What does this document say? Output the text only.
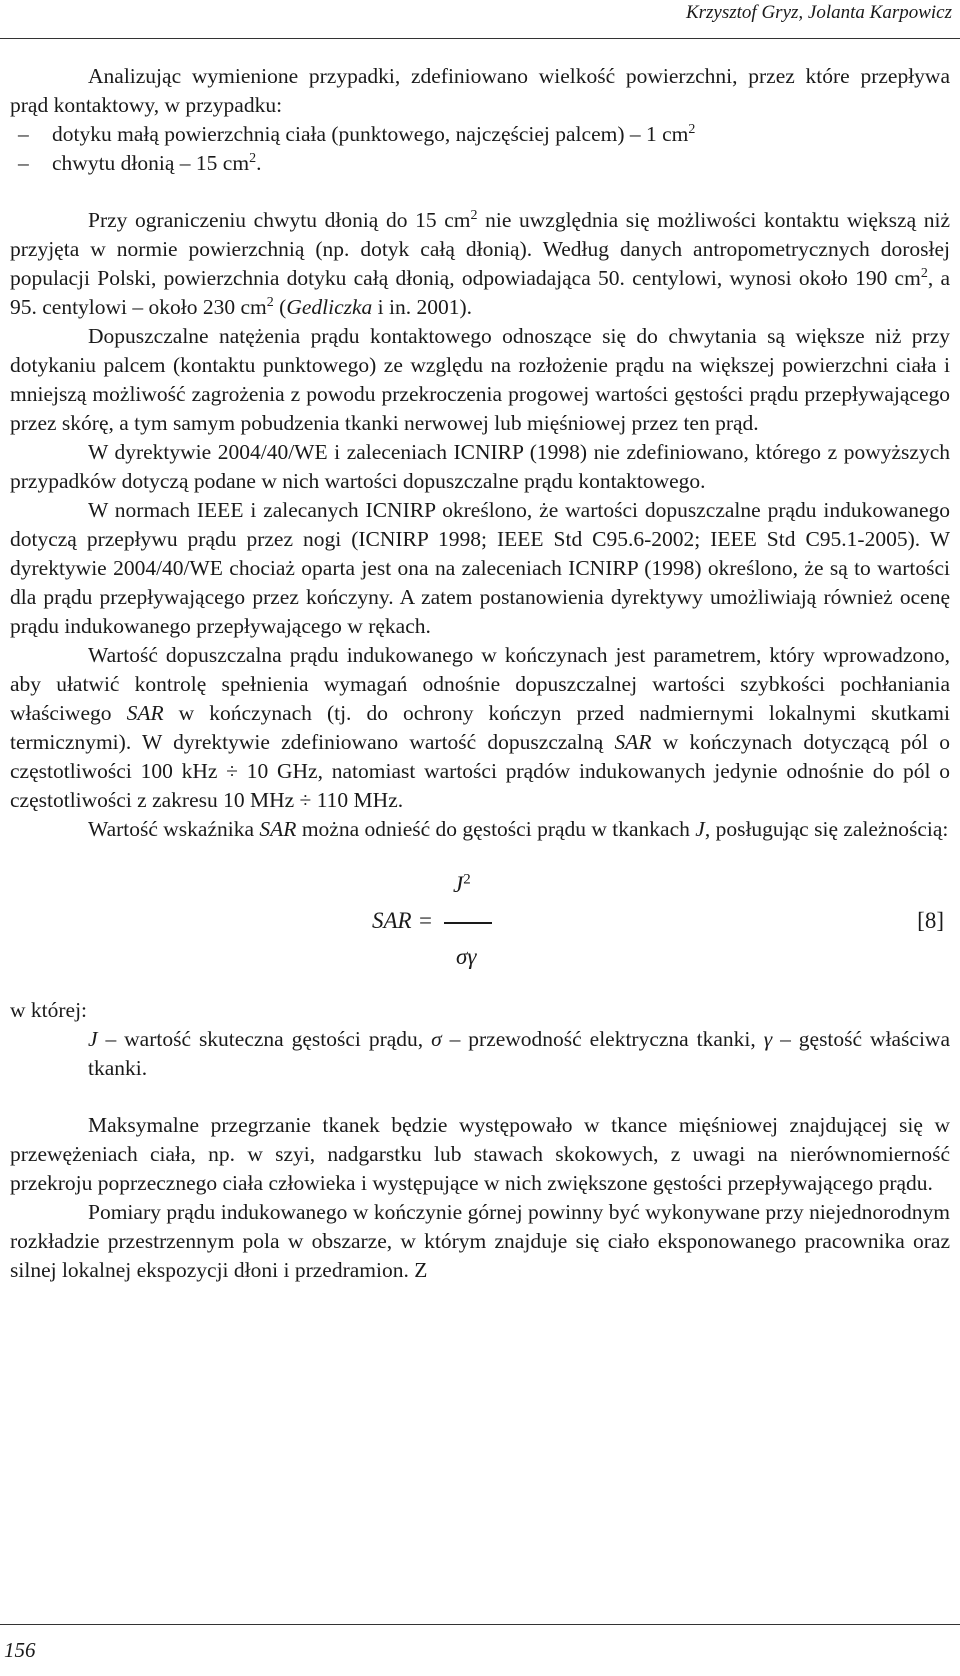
Krzysztof Gryz, Jolanta Karpowicz

Analizując wymienione przypadki, zdefiniowano wielkość powierzchni, przez które przepływa prąd kontaktowy, w przypadku:

– dotyku małą powierzchnią ciała (punktowego, najczęściej palcem) – 1 $cm^2$
– chwytu dłonią – 15 $cm^2$.

Przy ograniczeniu chwytu dłonią do 15 $cm^2$ nie uwzględnia się możliwości kontaktu większą niż przyjęta w normie powierzchnią (np. dotyk całą dłonią). Według danych antropometrycznych dorosłej populacji Polski, powierzchnia dotyku całą dłonią, odpowiadająca 50. centylowi, wynosi około 190 $cm^2$, a 95. centylowi – około 230 $cm^2$ (Gedliczka i in. 2001).

Dopuszczalne natężenia prądu kontaktowego odnoszące się do chwytania są większe niż przy dotykaniu palcem (kontaktu punktowego) ze względu na rozłożenie prądu na większej powierzchni ciała i mniejszą możliwość zagrożenia z powodu przekroczenia progowej wartości gęstości prądu przepływającego przez skórę, a tym samym pobudzenia tkanki nerwowej lub mięśniowej przez ten prąd.

W dyrektywie 2004/40/WE i zaleceniach ICNIRP (1998) nie zdefiniowano, którego z powyższych przypadków dotyczą podane w nich wartości dopuszczalne prądu kontaktowego.

W normach IEEE i zalecanych ICNIRP określono, że wartości dopuszczalne prądu indukowanego dotyczą przepływu prądu przez nogi (ICNIRP 1998; IEEE Std C95.6-2002; IEEE Std C95.1-2005). W dyrektywie 2004/40/WE chociaż oparta jest ona na zaleceniach ICNIRP (1998) określono, że są to wartości dla prądu przepływającego przez kończyny. A zatem postanowienia dyrektywy umożliwiają również ocenę prądu indukowanego przepływającego w rękach.

Wartość dopuszczalna prądu indukowanego w kończynach jest parametrem, który wprowadzono, aby ułatwić kontrolę spełnienia wymagań odnośnie dopuszczalnej wartości szybkości pochłaniania właściwego SAR w kończynach (tj. do ochrony kończyn przed nadmiernymi lokalnymi skutkami termicznymi). W dyrektywie zdefiniowano wartość dopuszczalną SAR w kończynach dotyczącą pól o częstotliwości 100 kHz ÷ 10 GHz, natomiast wartości prądów indukowanych jedynie odnośnie do pól o częstotliwości z zakresu 10 MHz ÷ 110 MHz.

Wartość wskaźnika SAR można odnieść do gęstości prądu w tkankach J, posługując się zależnością:

SAR =
$J^2$
σγ
[8]

w której:

J – wartość skuteczna gęstości prądu, σ – przewodność elektryczna tkanki, γ – gęstość właściwa tkanki.

Maksymalne przegrzanie tkanek będzie występowało w tkance mięśniowej znajdującej się w przewężeniach ciała, np. w szyi, nadgarstku lub stawach skokowych, z uwagi na nierównomierność przekroju poprzecznego ciała człowieka i występujące w nich zwiększone gęstości przepływającego prądu.

Pomiary prądu indukowanego w kończynie górnej powinny być wykonywane przy niejednorodnym rozkładzie przestrzennym pola w obszarze, w którym znajduje się ciało eksponowanego pracownika oraz silnej lokalnej ekspozycji dłoni i przedramion. Z

156
